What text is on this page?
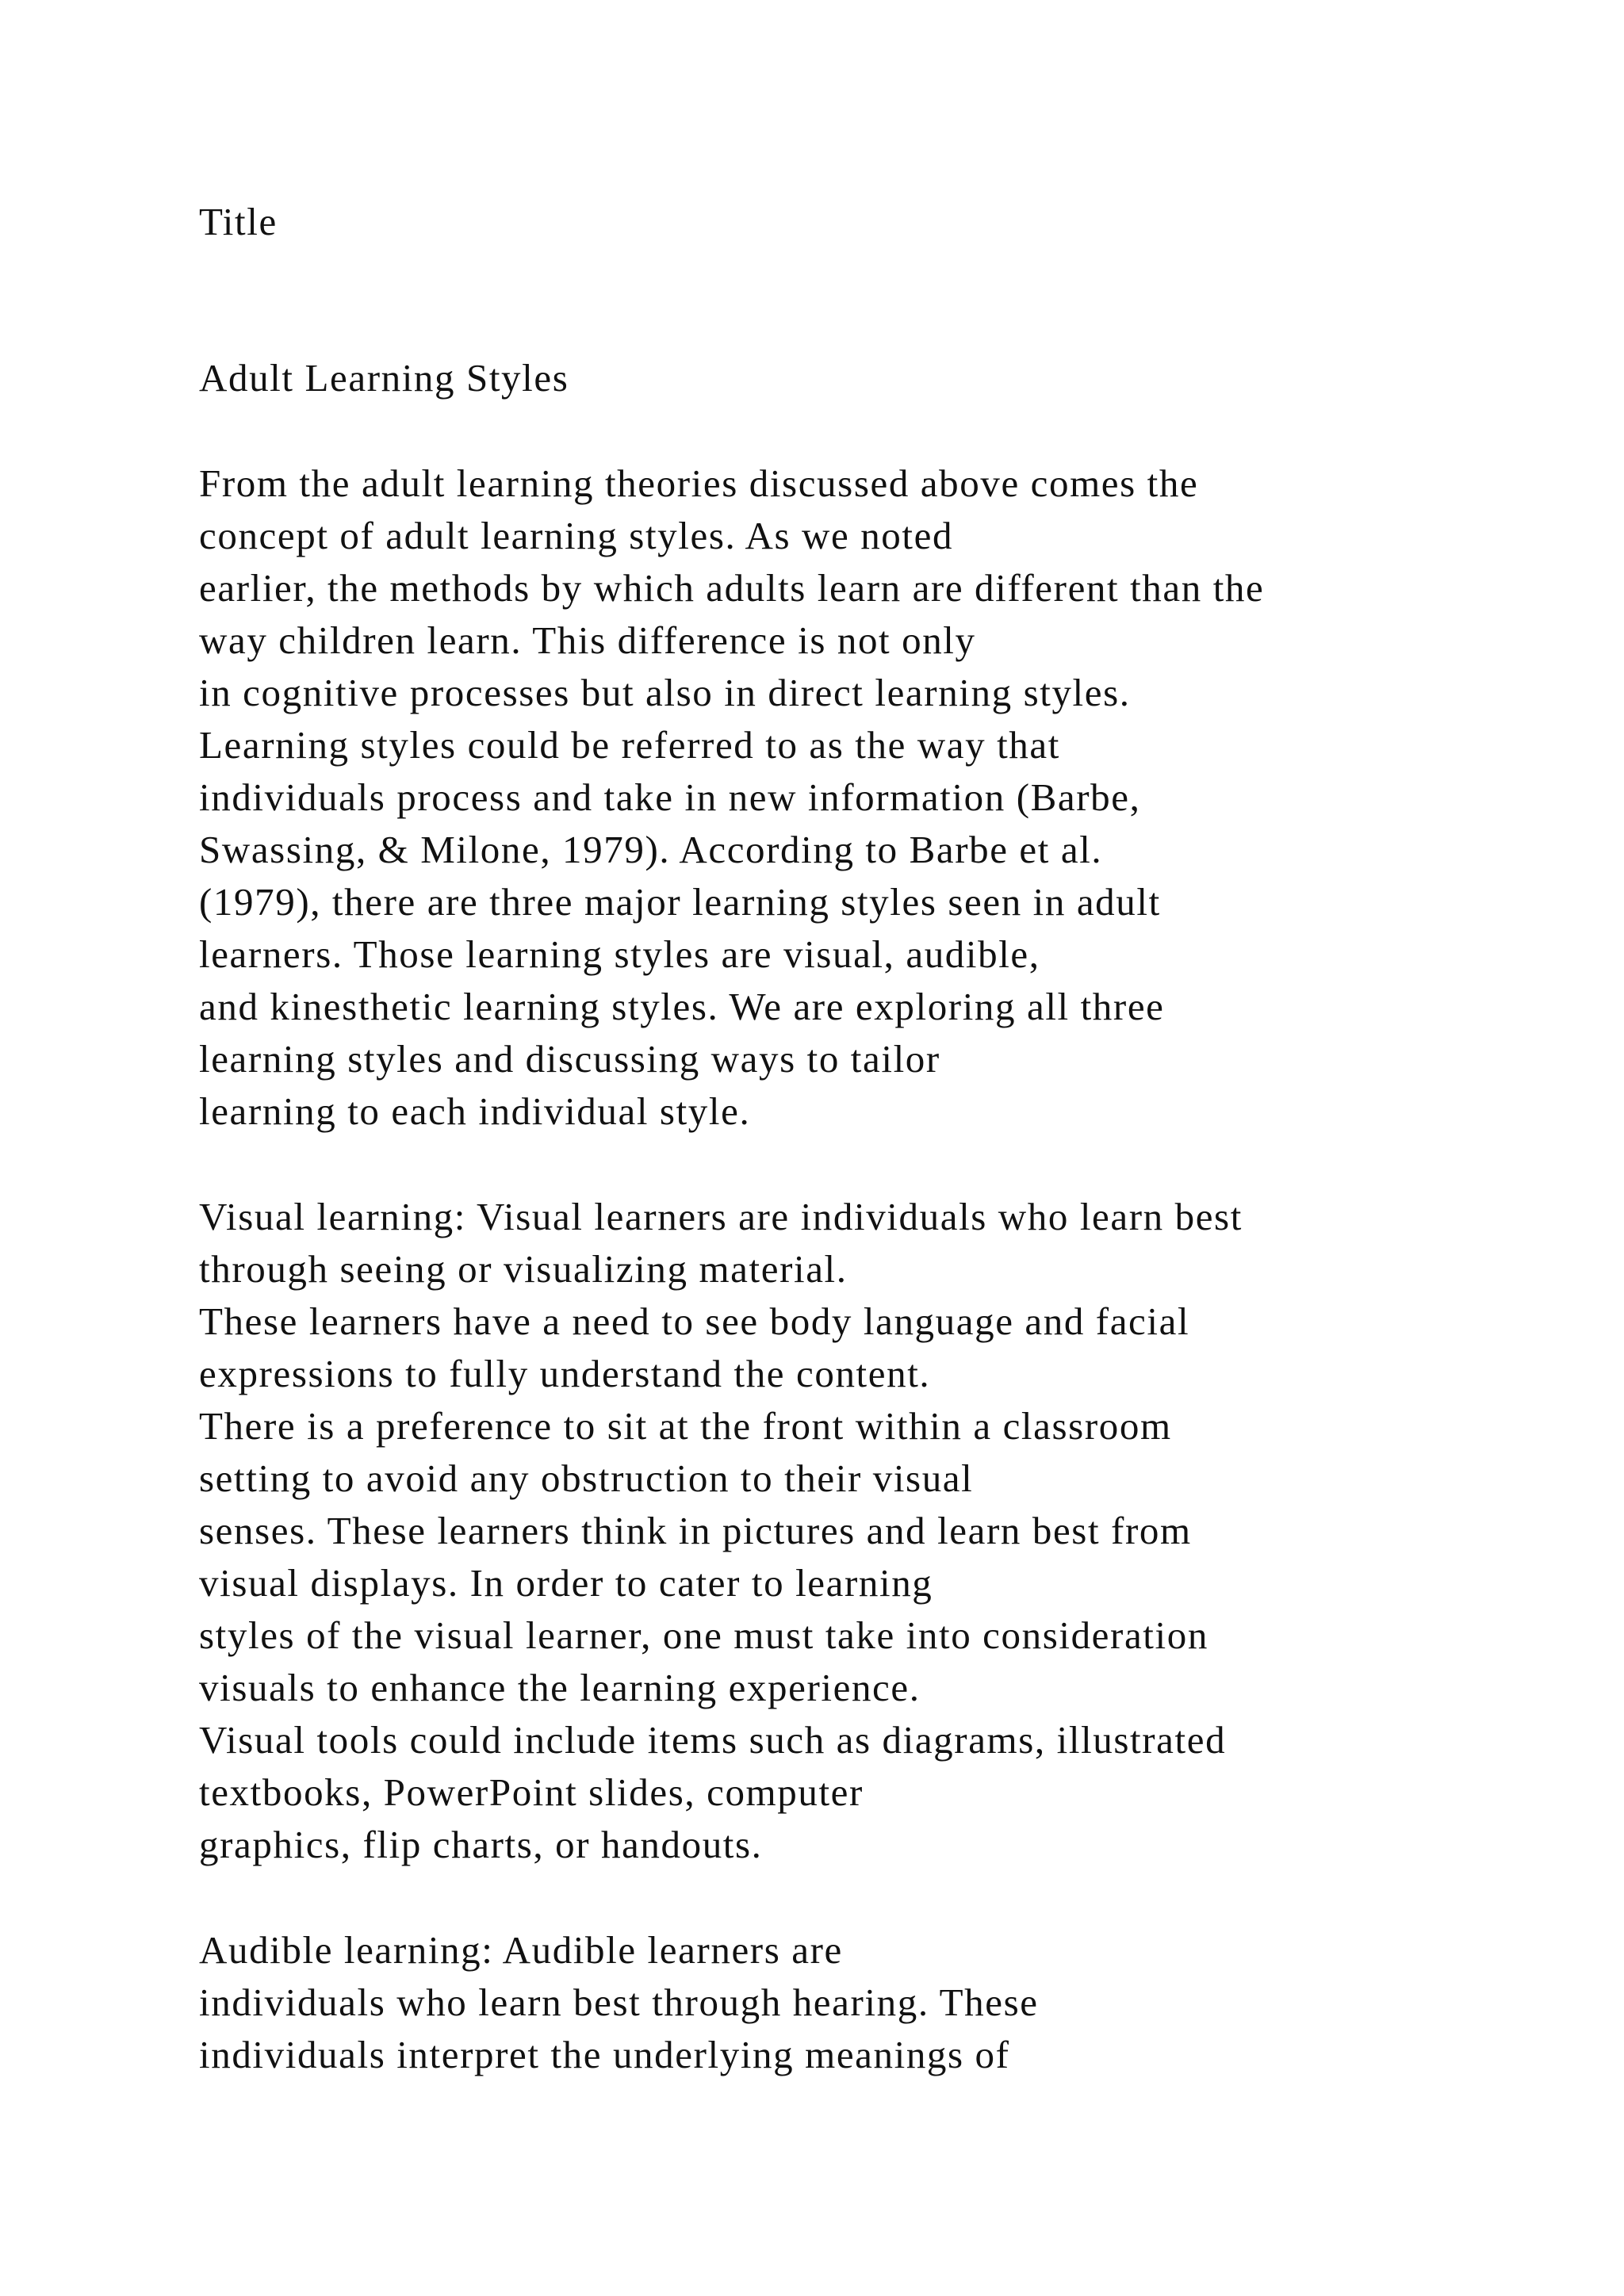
Title

Adult Learning Styles

From the adult learning theories discussed above comes the

concept of adult learning styles. As we noted

earlier, the methods by which adults learn are different than the

way children learn. This difference is not only

in cognitive processes but also in direct learning styles.

Learning styles could be referred to as the way that

individuals process and take in new information (Barbe,

Swassing, & Milone, 1979). According to Barbe et al.

(1979), there are three major learning styles seen in adult

learners. Those learning styles are visual, audible,

and kinesthetic learning styles. We are exploring all three

learning styles and discussing ways to tailor

learning to each individual style.

Visual learning: Visual learners are individuals who learn best

through seeing or visualizing material.

These learners have a need to see body language and facial

expressions to fully understand the content.

There is a preference to sit at the front within a classroom

setting to avoid any obstruction to their visual

senses. These learners think in pictures and learn best from

visual displays. In order to cater to learning

styles of the visual learner, one must take into consideration

visuals to enhance the learning experience.

Visual tools could include items such as diagrams, illustrated

textbooks, PowerPoint slides, computer

graphics, flip charts, or handouts.

Audible learning: Audible learners are

individuals who learn best through hearing. These

individuals interpret the underlying meanings of
